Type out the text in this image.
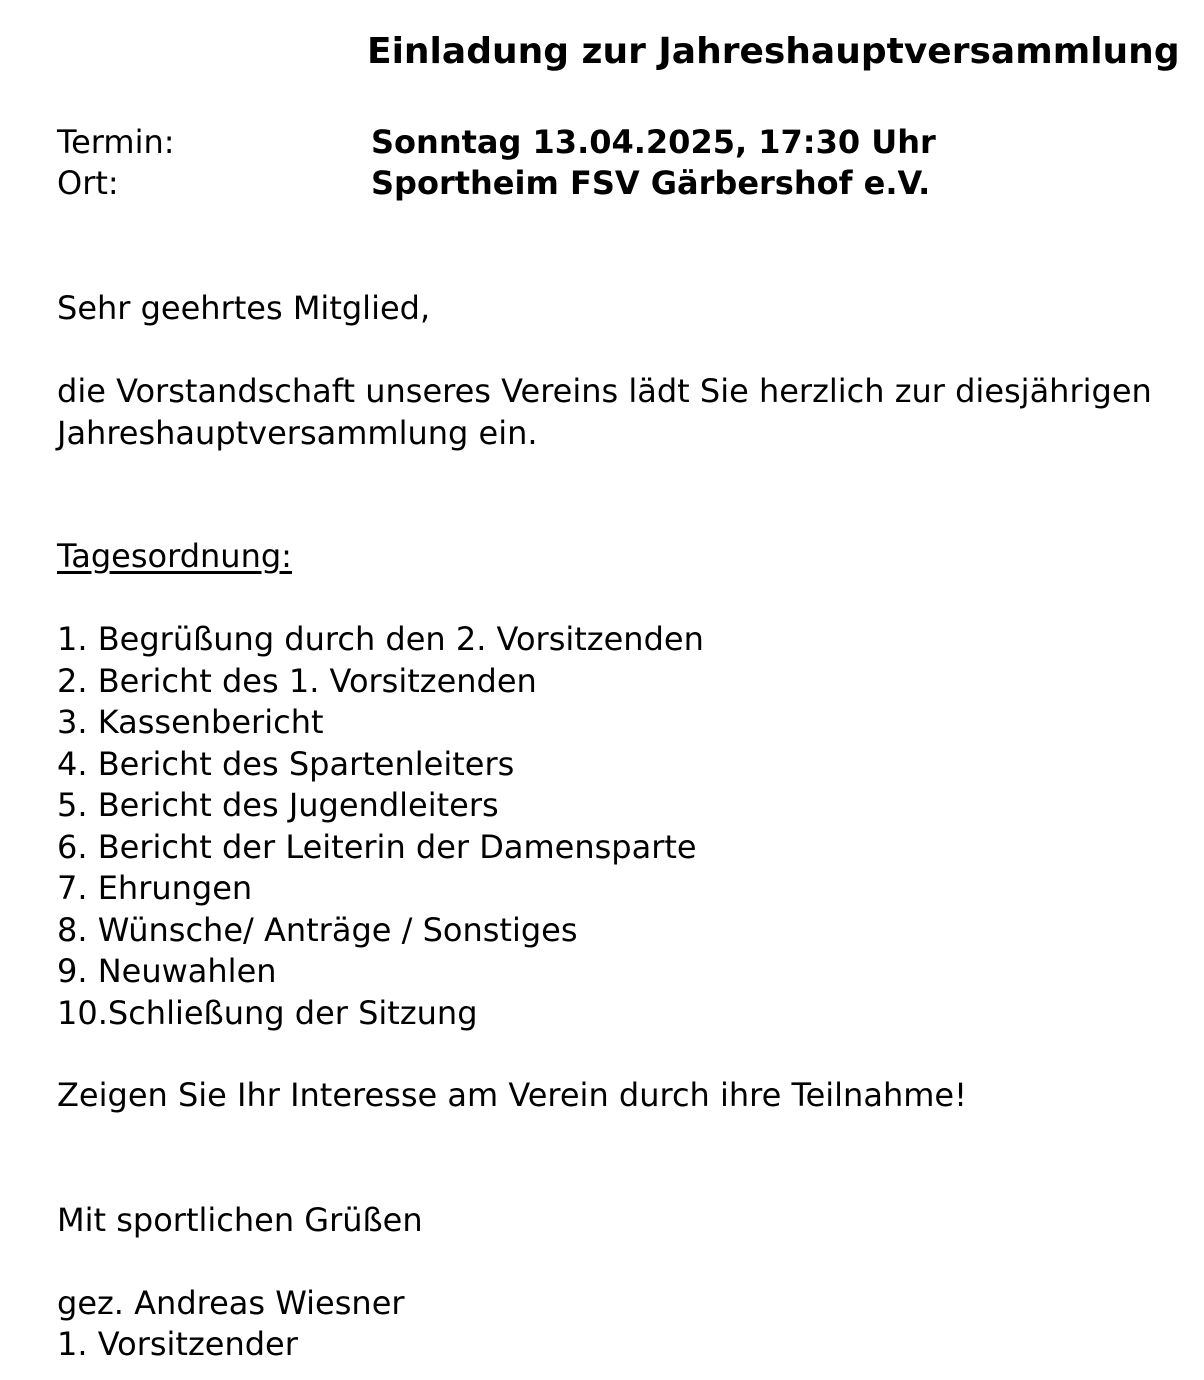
Einladung zur Jahreshauptversammlung
Termin:	Sonntag 13.04.2025, 17:30 Uhr
Ort:	Sportheim FSV Gärbershof e.V.
Sehr geehrtes Mitglied,
die Vorstandschaft unseres Vereins lädt Sie herzlich zur diesjährigen
Jahreshauptversammlung ein.
Tagesordnung:
1. Begrüßung durch den 2. Vorsitzenden
2. Bericht des 1. Vorsitzenden
3. Kassenbericht
4. Bericht des Spartenleiters
5. Bericht des Jugendleiters
6. Bericht der Leiterin der Damensparte
7. Ehrungen
8. Wünsche/ Anträge / Sonstiges
9. Neuwahlen
10.Schließung der Sitzung
Zeigen Sie Ihr Interesse am Verein durch ihre Teilnahme!
Mit sportlichen Grüßen
gez. Andreas Wiesner
1. Vorsitzender
